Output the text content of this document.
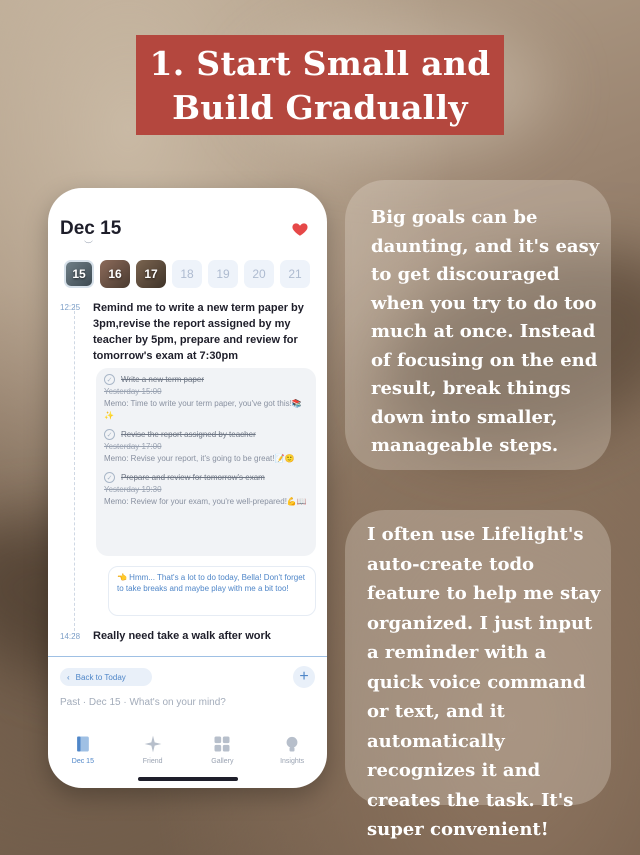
1. Start Small and
Build Gradually
Dec 15
︶
15	16	17	18	19	20	21
12:25 Remind me to write a new term paper by 3pm,revise the report assigned by my teacher by 5pm, prepare and review for tomorrow's exam at 7:30pm
✓	Write a new term paper
Yesterday 15:00
Memo: Time to write your term paper, you've got this!📚✨
✓	Revise the report assigned by teacher
Yesterday 17:00
Memo: Revise your report, it's going to be great!📝🙂
✓	Prepare and review for tomorrow's exam
Yesterday 19:30
Memo: Review for your exam, you're well-prepared!💪📖
👈 Hmm... That's a lot to do today, Bella! Don't forget to take breaks and maybe play with me a bit too!
14:28 Really need take a walk after work
‹ Back to Today	+
Past · Dec 15 · What's on your mind?
Dec 15	Friend	Gallery	Insights
Big goals can be daunting, and it's easy to get discouraged when you try to do too much at once. Instead of focusing on the end result, break things down into smaller, manageable steps.
I often use Lifelight's auto-create todo feature to help me stay organized. I just input a reminder with a quick voice command or text, and it automatically recognizes it and creates the task. It's super convenient!
